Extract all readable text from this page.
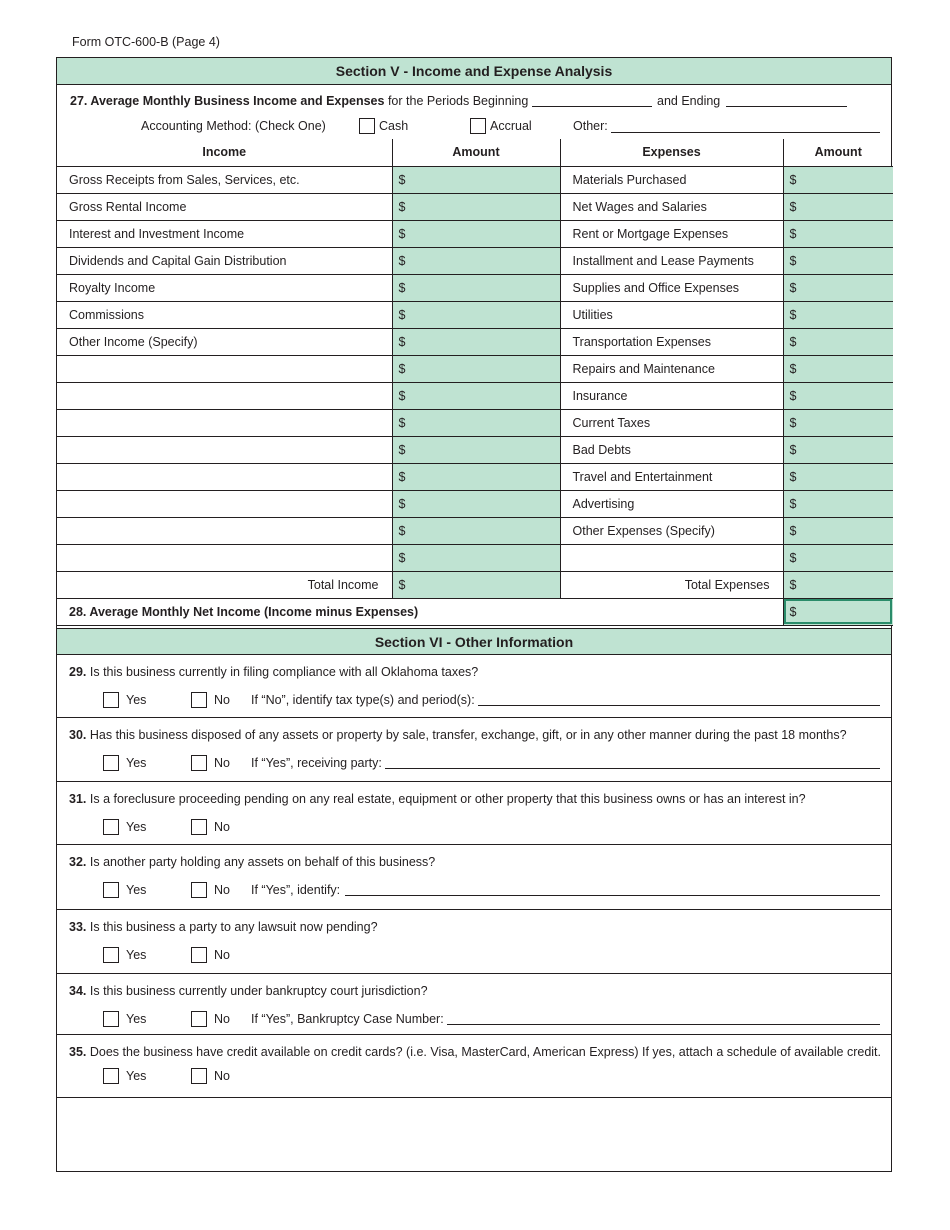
Form OTC-600-B (Page 4)
Section V - Income and Expense Analysis
27. Average Monthly Business Income and Expenses for the Periods Beginning	and Ending
Accounting Method: (Check One)	Cash	Accrual	Other:
Income	Amount	Expenses	Amount
Gross Receipts from Sales, Services, etc.	$	Materials Purchased	$
Gross Rental Income	$	Net Wages and Salaries	$
Interest and Investment Income	$	Rent or Mortgage Expenses	$
Dividends and Capital Gain Distribution	$	Installment and Lease Payments	$
Royalty Income	$	Supplies and Office Expenses	$
Commissions	$	Utilities	$
Other Income (Specify)	$	Transportation Expenses	$
	$	Repairs and Maintenance	$
	$	Insurance	$
	$	Current Taxes	$
	$	Bad Debts	$
	$	Travel and Entertainment	$
	$	Advertising	$
	$	Other Expenses (Specify)	$
	$		$
Total Income	$	Total Expenses	$
28. Average Monthly Net Income (Income minus Expenses)			$
Section VI - Other Information
29. Is this business currently in filing compliance with all Oklahoma taxes?
Yes	No If “No”, identify tax type(s) and period(s):
30. Has this business disposed of any assets or property by sale, transfer, exchange, gift, or in any other manner during the past 18 months?
Yes	No If “Yes”, receiving party:
31. Is a foreclusure proceeding pending on any real estate, equipment or other property that this business owns or has an interest in?
Yes	No
32. Is another party holding any assets on behalf of this business?
Yes	No If “Yes”, identify:
33. Is this business a party to any lawsuit now pending?
Yes	No
34. Is this business currently under bankruptcy court jurisdiction?
Yes	No If “Yes”, Bankruptcy Case Number:
35. Does the business have credit available on credit cards? (i.e. Visa, MasterCard, American Express) If yes, attach a schedule of available credit.
Yes	No
